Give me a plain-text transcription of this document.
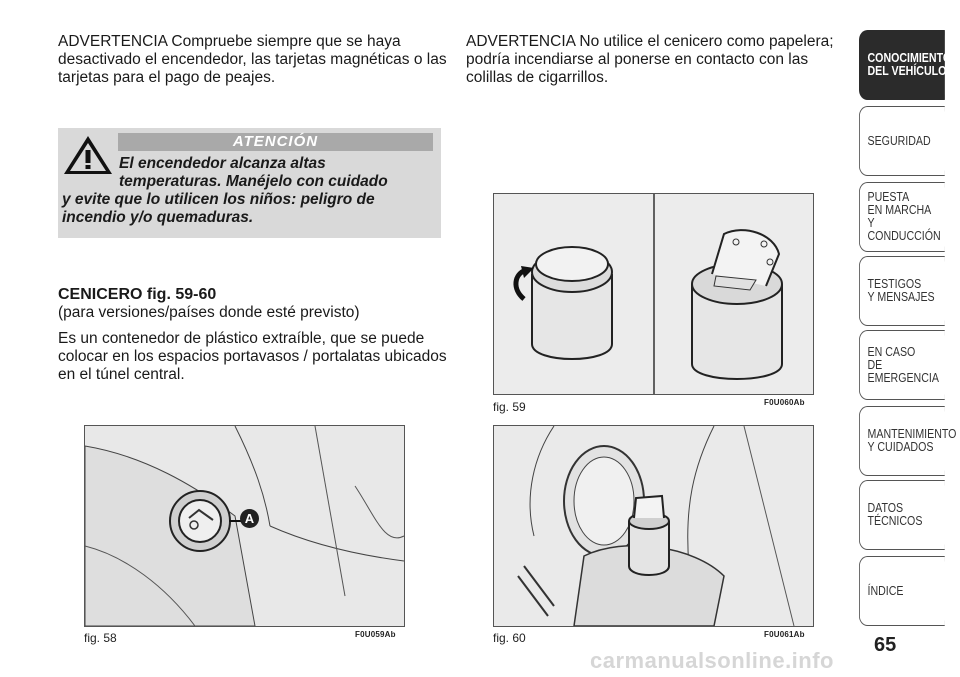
ADVERTENCIA Compruebe siempre que se haya

desactivado el encendedor, las tarjetas magnéticas o las

tarjetas para el pago de peajes.

ATENCIÓN
El encendedor alcanza altas
temperaturas. Manéjelo con cuidado
y evite que lo utilicen los niños: peligro de
incendio y/o quemaduras.
CENICERO fig. 59-60
(para versiones/países donde esté previsto)
Es un contenedor de plástico extraíble, que se puede
colocar en los espacios portavasos / portalatas ubicados
en el túnel central.

ADVERTENCIA No utilice el cenicero como papelera;

podría incendiarse al ponerse en contacto con las

colillas de cigarrillos.

A
fig. 58	F0U059Ab
fig. 59	F0U060Ab
fig. 60	F0U061Ab
CONOCIMIENTO
DEL VEHÍCULO
SEGURIDAD
PUESTA
EN MARCHA
Y CONDUCCIÓN
TESTIGOS
Y MENSAJES
EN CASO
DE EMERGENCIA
MANTENIMIENTO
Y CUIDADOS
DATOS TÉCNICOS
ÍNDICE
65
carmanualsonline.info
